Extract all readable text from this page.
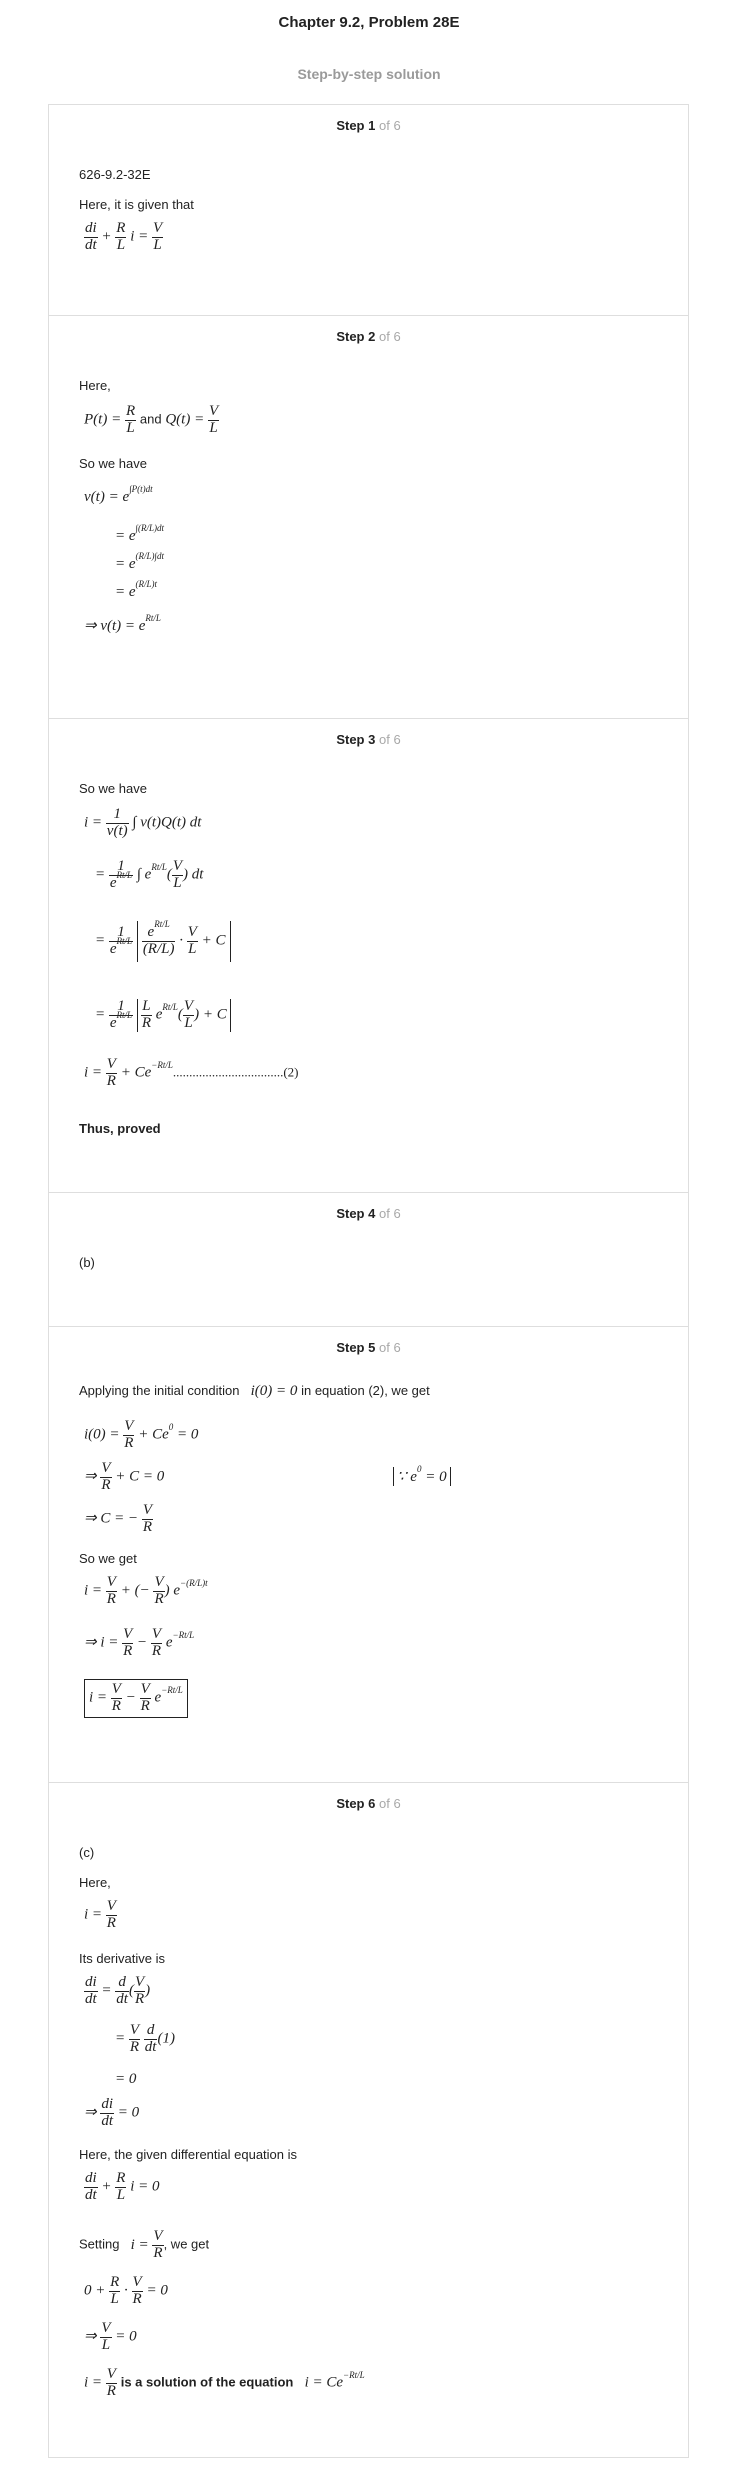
Chapter 9.2, Problem 28E
Step-by-step solution
Step 1 of 6
626-9.2-32E
Here, it is given that
$\frac{di}{dt} + \frac{R}{L}$ $i = \frac{V}{L}$
Step 2 of 6
Here,
$P(t) = \frac{R}{L}$ and $Q(t) = \frac{V}{L}$
So we have
$v(t) = e^{\int P(t)dt}$
= $e^{\int(R/L)dt}$
= $e^{(R/L)\int dt}$
= $e^{(R/L)t}$
⇒ $v(t) = e^{Rt/L}$
Step 3 of 6
So we have
$i = \frac{1}{v(t)}$ ∫ v(t)Q(t) dt
= $\frac{1}{e^{Rt/L}}$ ∫ $e^{Rt/L}( \frac{V}{L}$ ) dt
= $\frac{1}{e^{Rt/L}}$
$\frac{e^{Rt/L}}{(R/L)} \cdot \frac{V}{L} + C$
= $\frac{1}{e^{Rt/L}}$
$\frac{L}{R} e^{Rt/L}( \frac{V}{L}$ ) + C
$i = \frac{V}{R} + Ce^{-Rt/L}..................................(2)$
Thus, proved
Step 4 of 6
(b)
Step 5 of 6
Applying the initial condition   i(0) = 0 in equation (2), we get
$i(0) = \frac{V}{R} + Ce^0 = 0$
⇒ $\frac{V}{R} + C = 0$	∵ $e^0 = 0$
⇒ C = − $\frac{V}{R}$
So we get
$i = \frac{V}{R}$ + (− $\frac{V}{R}$ ) $e^{-(R/L)t}$
⇒ $i = \frac{V}{R} - \frac{V}{R} e^{-Rt/L}$
$i = \frac{V}{R} - \frac{V}{R} e^{-Rt/L}$
Step 6 of 6
(c)
Here,
$i = \frac{V}{R}$
Its derivative is
$\frac{di}{dt} = \frac{d}{dt}$ ( $\frac{V}{R}$ )
= $\frac{V}{R}$
$\frac{d}{dt} (1)$
= 0
⇒ $\frac{di}{dt} = 0$
Here, the given differential equation is
$\frac{di}{dt} + \frac{R}{L}$ i = 0
Setting   $i = \frac{V}{R}$ , we get
$0 + \frac{R}{L} \cdot \frac{V}{R} = 0$
⇒ $\frac{V}{L} = 0$
$i = \frac{V}{R}$ is a solution of the equation   $i = Ce^{-Rt/L}$
